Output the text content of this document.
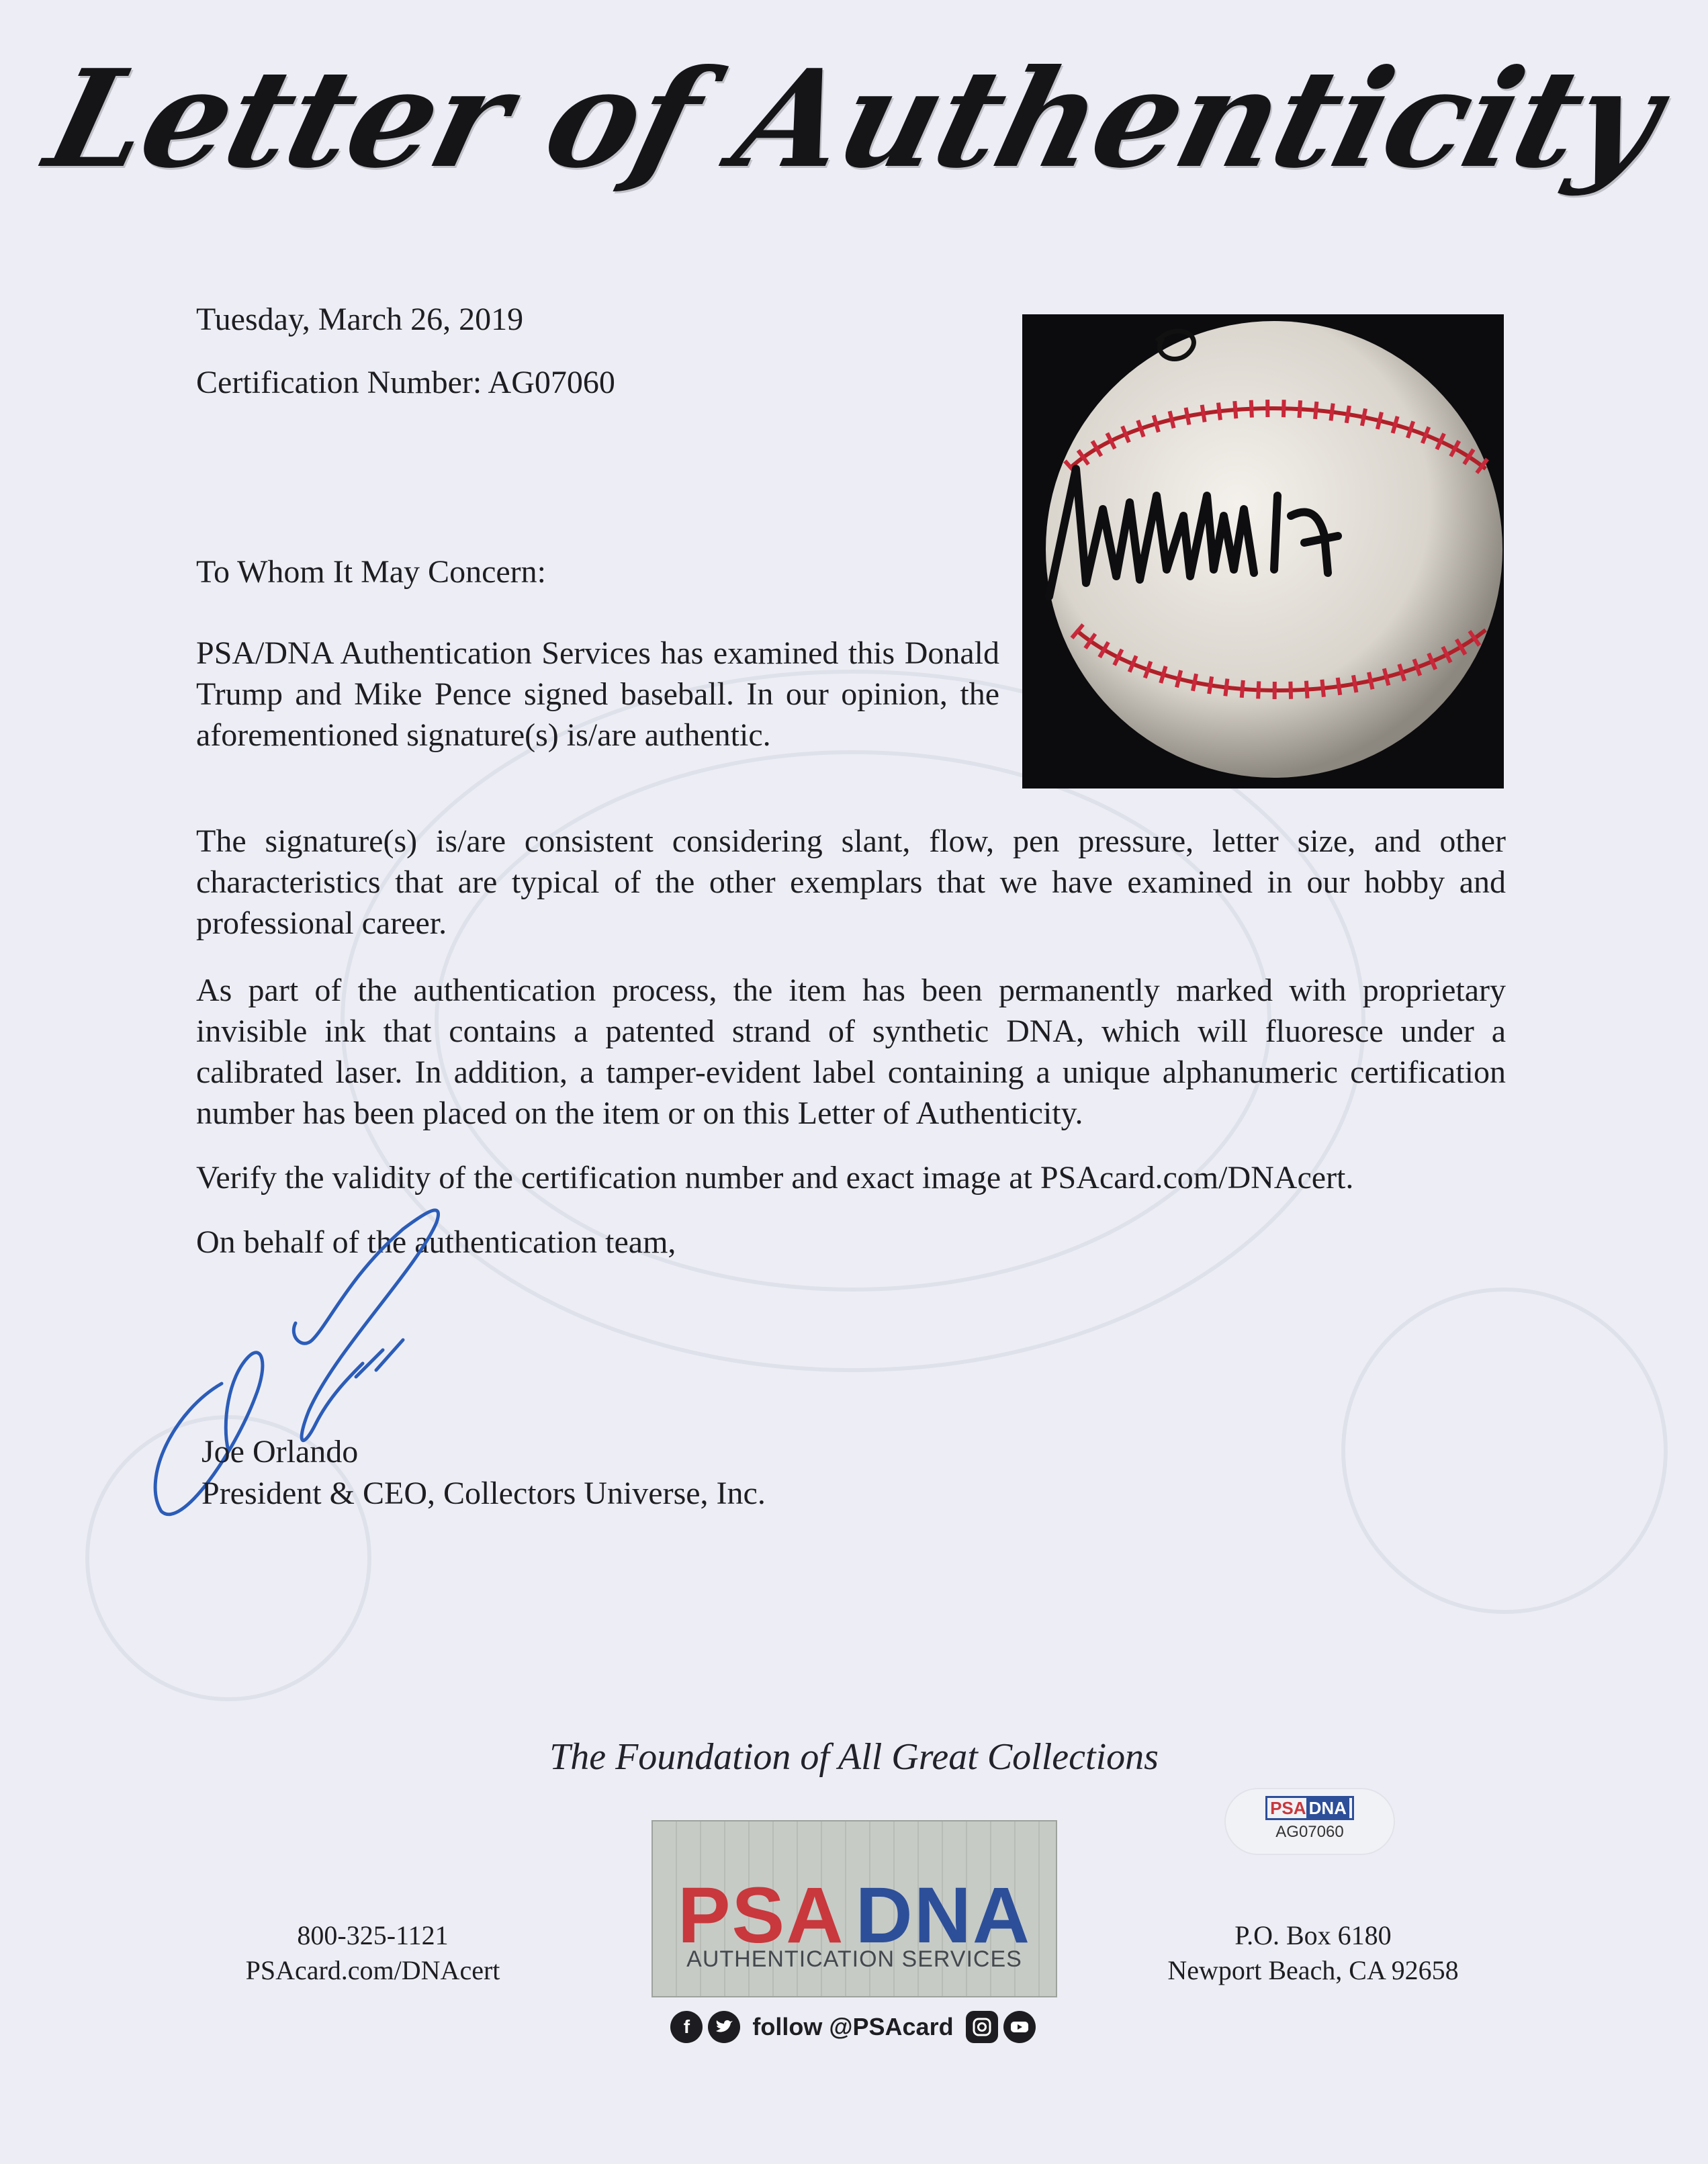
Letter of Authenticity
Tuesday, March 26, 2019
Certification Number: AG07060
To Whom It May Concern:
PSA/DNA Authentication Services has examined this Donald Trump and Mike Pence signed baseball. In our opinion, the aforementioned signature(s) is/are authentic.
The signature(s) is/are consistent considering slant, flow, pen pressure, letter size, and other characteristics that are typical of the other exemplars that we have examined in our hobby and professional career.
As part of the authentication process, the item has been permanently marked with proprietary invisible ink that contains a patented strand of synthetic DNA, which will fluoresce under a calibrated laser. In addition, a tamper-evident label containing a unique alphanumeric certification number has been placed on the item or on this Letter of Authenticity.
Verify the validity of the certification number and exact image at PSAcard.com/DNAcert.
On behalf of the authentication team,
Joe Orlando
President & CEO, Collectors Universe, Inc.
The Foundation of All Great Collections
PSA DNA
AG07060
800-325-1121
PSAcard.com/DNAcert
PSA DNA
AUTHENTICATION SERVICES
f	follow @PSAcard
P.O. Box 6180
Newport Beach, CA 92658
